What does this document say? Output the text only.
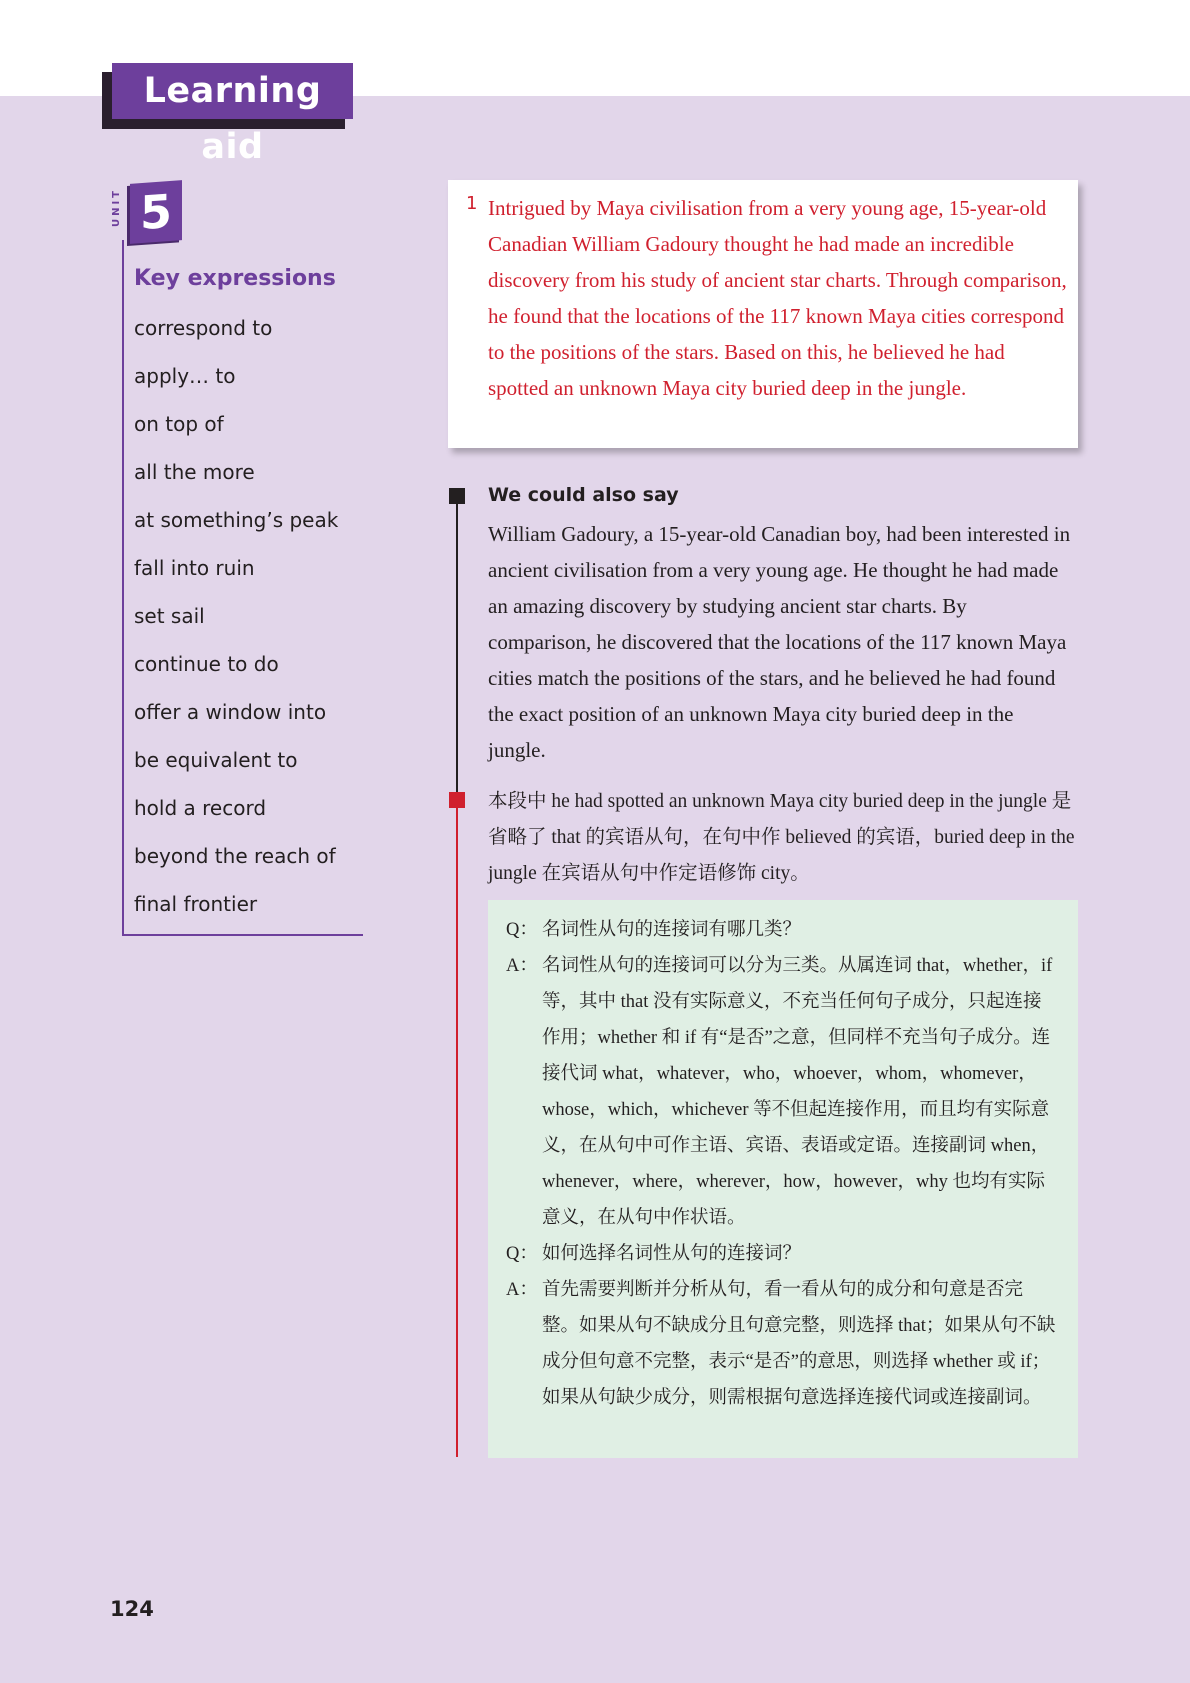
Learning aid
UNIT 5
Key expressions
correspond to
apply… to
on top of
all the more
at something’s peak
fall into ruin
set sail
continue to do
offer a window into
be equivalent to
hold a record
beyond the reach of
final frontier
1 Intrigued by Maya civilisation from a very young age, 15-year-old Canadian William Gadoury thought he had made an incredible discovery from his study of ancient star charts. Through comparison, he found that the locations of the 117 known Maya cities correspond to the positions of the stars. Based on this, he believed he had spotted an unknown Maya city buried deep in the jungle.
We could also say
William Gadoury, a 15-year-old Canadian boy, had been interested in ancient civilisation from a very young age. He thought he had made an amazing discovery by studying ancient star charts. By comparison, he discovered that the locations of the 117 known Maya cities match the positions of the stars, and he believed he had found the exact position of an unknown Maya city buried deep in the jungle.
本段中 he had spotted an unknown Maya city buried deep in the jungle 是省略了 that 的宾语从句，在句中作 believed 的宾语，buried deep in the jungle 在宾语从句中作定语修饰 city。
Q： 名词性从句的连接词有哪几类？
A： 名词性从句的连接词可以分为三类。从属连词 that，whether，if 等，其中 that 没有实际意义，不充当任何句子成分，只起连接作用；whether 和 if 有“是否”之意，但同样不充当句子成分。连接代词 what，whatever，who，whoever，whom，whomever，whose，which，whichever 等不但起连接作用，而且均有实际意义，在从句中可作主语、宾语、表语或定语。连接副词 when，whenever，where，wherever，how，however，why 也均有实际意义，在从句中作状语。
Q： 如何选择名词性从句的连接词？
A： 首先需要判断并分析从句，看一看从句的成分和句意是否完整。如果从句不缺成分且句意完整，则选择 that；如果从句不缺成分但句意不完整，表示“是否”的意思，则选择 whether 或 if；如果从句缺少成分，则需根据句意选择连接代词或连接副词。
124
